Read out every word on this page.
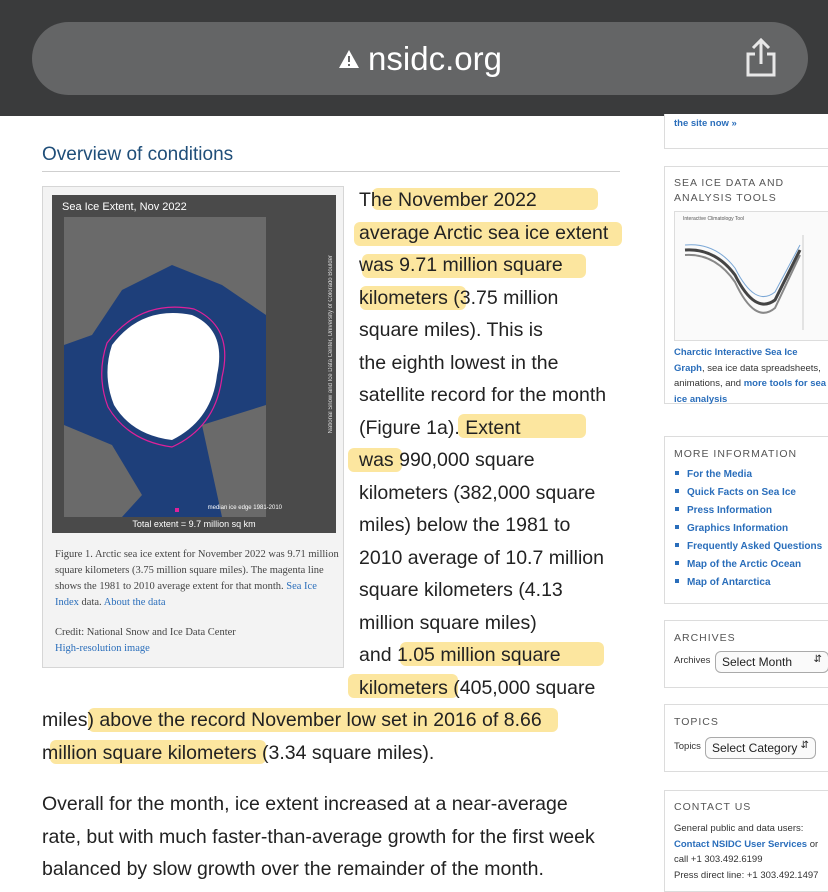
nsidc.org
Overview of conditions
Sea Ice Extent, Nov 2022
median ice edge 1981-2010
National Snow and Ice Data Center, University of Colorado Boulder
Total extent = 9.7 million sq km
Figure 1. Arctic sea ice extent for November 2022 was 9.71 million square kilometers (3.75 million square miles). The magenta line shows the 1981 to 2010 average extent for that month. Sea Ice Index data. About the data
Credit: National Snow and Ice Data Center
High-resolution image
The November 2022
average Arctic sea ice extent
was 9.71 million square
kilometers (3.75 million
square miles). This is
the eighth lowest in the
satellite record for the month
(Figure 1a). Extent
was 990,000 square
kilometers (382,000 square
miles) below the 1981 to
2010 average of 10.7 million
square kilometers (4.13
million square miles)
and 1.05 million square
kilometers (405,000 square
miles) above the record November low set in 2016 of 8.66
million square kilometers (3.34 square miles).
Overall for the month, ice extent increased at a near-average
rate, but with much faster-than-average growth for the first week
balanced by slow growth over the remainder of the month.
the site now »
SEA ICE DATA AND
ANALYSIS TOOLS
Interactive Climatology Tool
Charctic Interactive Sea Ice Graph, sea ice data spreadsheets, animations, and more tools for sea ice analysis
MORE INFORMATION
For the Media
Quick Facts on Sea Ice
Press Information
Graphics Information
Frequently Asked Questions
Map of the Arctic Ocean
Map of Antarctica
ARCHIVES
Archives Select Month ⇵
TOPICS
Topics Select Category ⇵
CONTACT US
General public and data users:
Contact NSIDC User Services or
call +1 303.492.6199
Press direct line: +1 303.492.1497
